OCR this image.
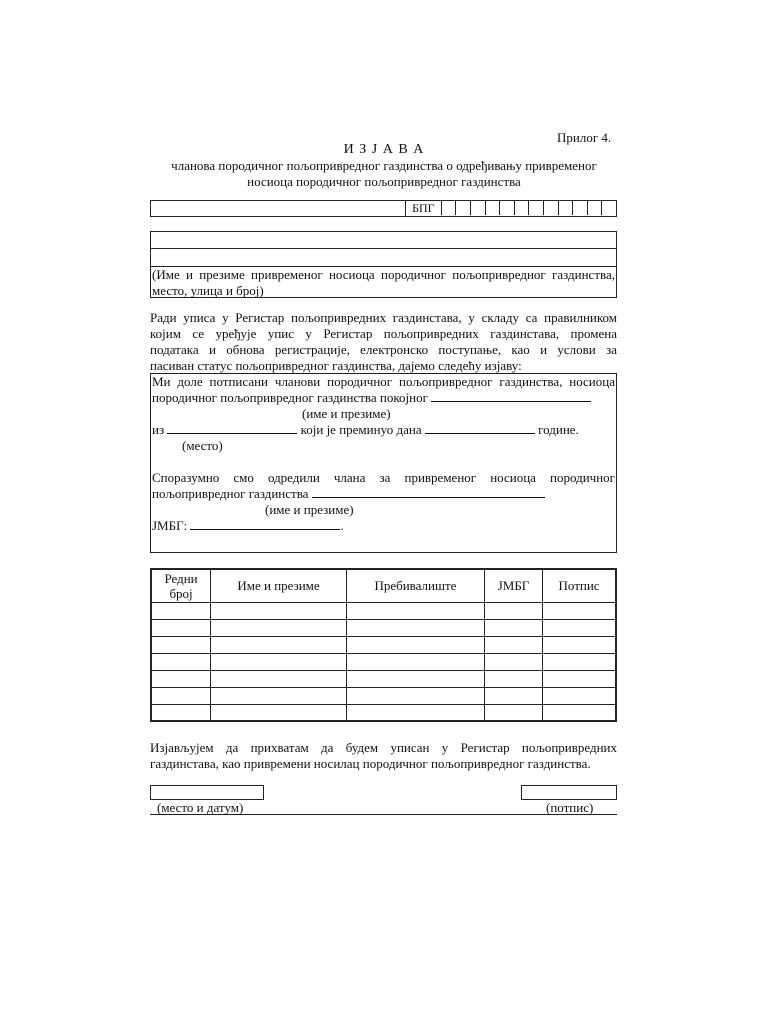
Прилог 4.
И З Ј А В А
чланова породичног пољопривредног газдинства о одређивању привременог
носиоца породичног пољопривредног газдинства
БПГ
(Име и презиме привременог носиоца породичног пољопривредног газдинства,
место, улица и број)
Ради уписа у Регистар пољопривредних газдинстава, у складу са правилником
којим се уређује упис у Регистар пољопривредних газдинстава, промена
података и обнова регистрације, електронско поступање, као и услови за
пасиван статус пољопривредног газдинства, дајемо следећу изјаву:
Ми доле потписани чланови породичног пољопривредног газдинства, носиоца
породичног пољопривредног газдинства покојног
(име и презиме)
из	који је преминуо дана	године.
(место)
Споразумно смо одредили члана за привременог носиоца породичног
пољопривредног газдинства
(име и презиме)
ЈМБГ:	.
Редни број	Име и презиме	Пребивалиште	ЈМБГ	Потпис

Изјављујем да прихватам да будем уписан у Регистар пољопривредних
газдинстава, као привремени носилац породичног пољопривредног газдинства.
(место и датум)	(потпис)
